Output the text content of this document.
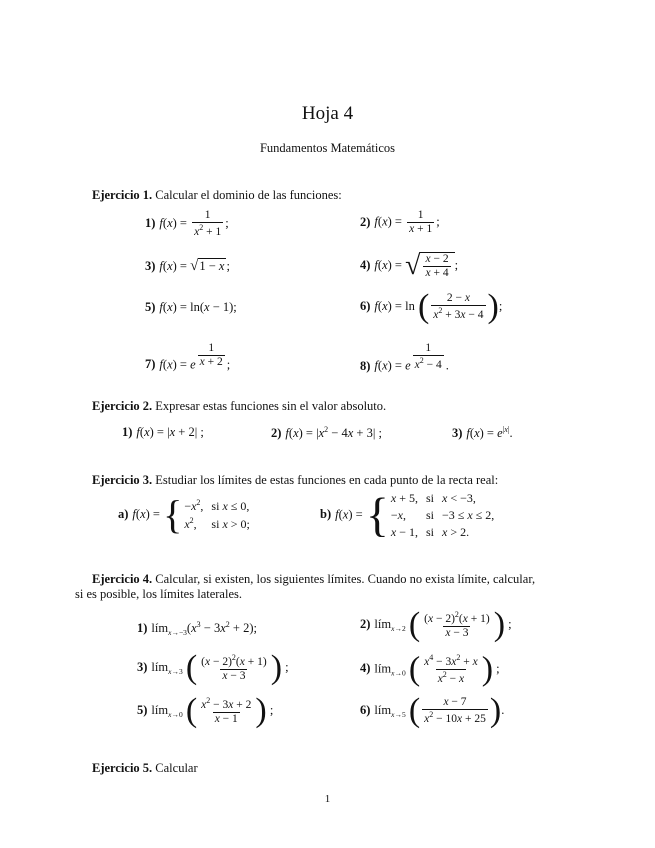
Hoja 4
Fundamentos Matemáticos
Ejercicio 1. Calcular el dominio de las funciones:
1) $f(x) = \frac{1}{x^2 + 1}$ ;	2) $f(x) = \frac{1}{x + 1}$ ;
3) f(x) = √1 − x ;	4) f(x) = √ $\frac{x - 2}{x + 4}$ ;
5) f(x) = ln(x − 1);	6) f(x) = ln ( $\frac{2 - x}{x^2 + 3x - 4}$ );
7) f(x) = e $\frac{1}{x + 2}$ ;	8) f(x) = e $\frac{1}{x^2 - 4}$ .
Ejercicio 2. Expresar estas funciones sin el valor absoluto.
1) f(x) = |x + 2| ;	2) $f(x) = |x^2 - 4x + 3|$ ;	3) $f(x) = e^{|x|}$.
Ejercicio 3. Estudiar los límites de estas funciones en cada punto de la recta real:
a) f(x) = { $-x^2$,	si x ≤ 0,
$x^2$,	si x > 0;
b) f(x) = { x + 5,	si	x < −3,
−x,	si	−3 ≤ x ≤ 2,
x − 1,	si	x > 2.
Ejercicio 4. Calcular, si existen, los siguientes límites. Cuando no exista límite, calcular,
si es posible, los límites laterales.
1) $lím_{x\to-3}(x^3 - 3x^2 + 2)$;	2) lím$_{x\to 2}$ ( $\frac{(x - 2)^2(x + 1)}{x - 3}$ ) ;
3) lím$_{x\to 3}$ ( $\frac{(x - 2)^2(x + 1)}{x - 3}$ ) ;	4) lím$_{x\to 0}$ ( $\frac{x^4 - 3x^2 + x}{x^2 - x}$ ) ;
5) lím$_{x\to 0}$ ( $\frac{x^2 - 3x + 2}{x - 1}$ ) ;	6) lím$_{x\to 5}$ ( $\frac{x - 7}{x^2 - 10x + 25}$ ).
Ejercicio 5. Calcular
1
